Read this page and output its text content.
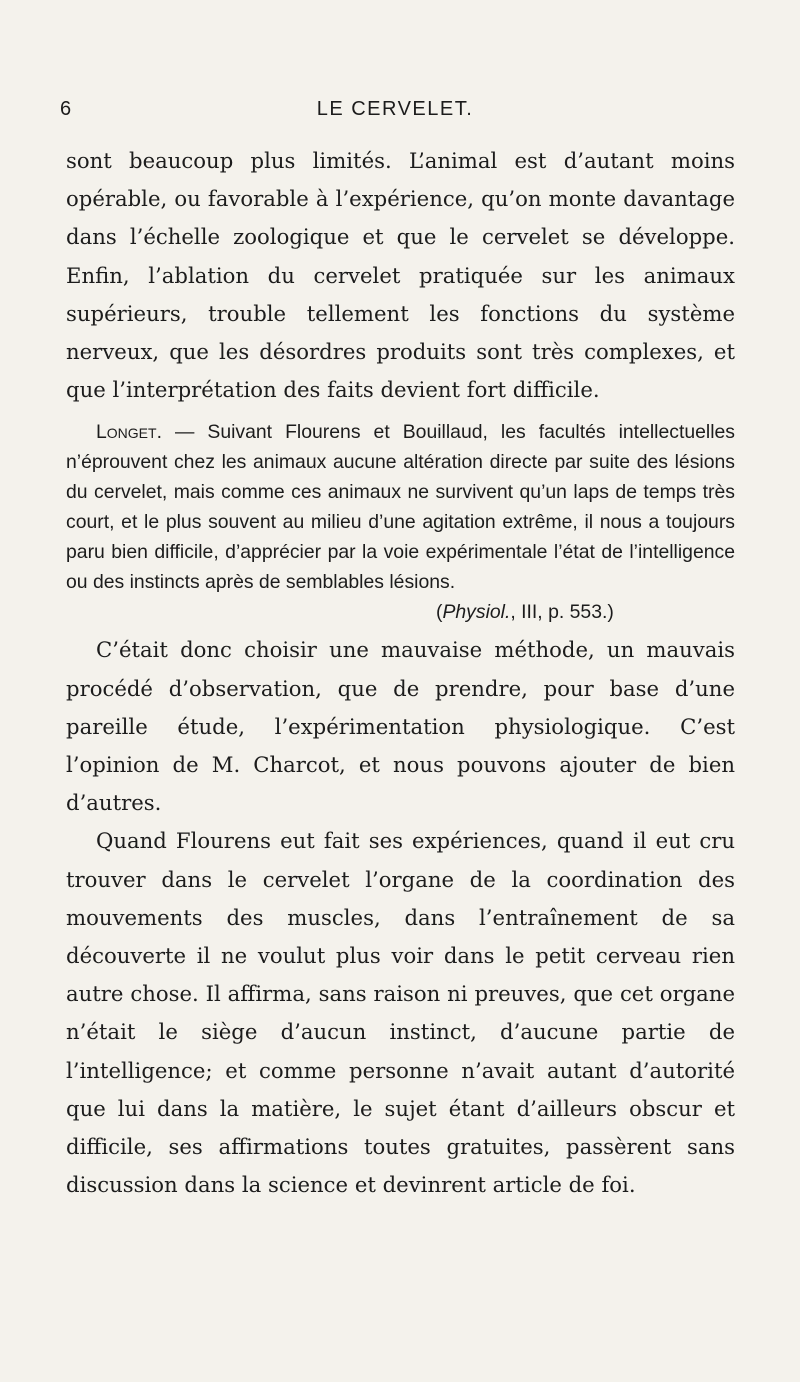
6	LE CERVELET.

sont beaucoup plus limités. L’animal est d’autant moins opérable, ou favorable à l’expérience, qu’on monte davantage dans l’échelle zoologique et que le cervelet se développe. Enfin, l’ablation du cervelet pratiquée sur les animaux supérieurs, trouble tellement les fonctions du système nerveux, que les désordres produits sont très complexes, et que l’interprétation des faits devient fort difficile.

Longet. — Suivant Flourens et Bouillaud, les facultés intellectuelles n’éprouvent chez les animaux aucune altération directe par suite des lésions du cervelet, mais comme ces animaux ne survivent qu’un laps de temps très court, et le plus souvent au milieu d’une agitation extrême, il nous a toujours paru bien difficile, d’apprécier par la voie expérimentale l’état de l’intelligence ou des instincts après de semblables lésions.

(Physiol., III, p. 553.)

C’était donc choisir une mauvaise méthode, un mauvais procédé d’observation, que de prendre, pour base d’une pareille étude, l’expérimentation physiologique. C’est l’opinion de M. Charcot, et nous pouvons ajouter de bien d’autres.

Quand Flourens eut fait ses expériences, quand il eut cru trouver dans le cervelet l’organe de la coordination des mouvements des muscles, dans l’entraînement de sa découverte il ne voulut plus voir dans le petit cerveau rien autre chose. Il affirma, sans raison ni preuves, que cet organe n’était le siège d’aucun instinct, d’aucune partie de l’intelligence; et comme personne n’avait autant d’autorité que lui dans la matière, le sujet étant d’ailleurs obscur et difficile, ses affirmations toutes gratuites, passèrent sans discussion dans la science et devinrent article de foi.
